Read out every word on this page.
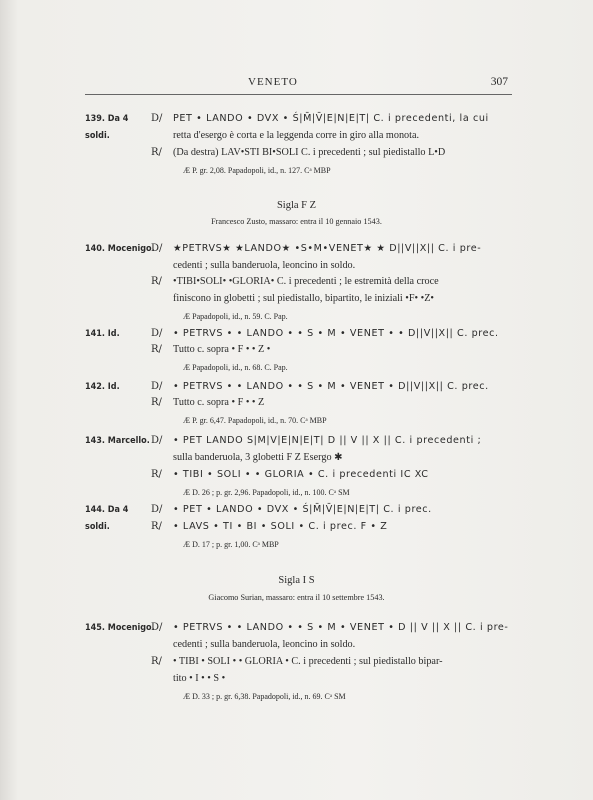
VENETO	307
139. Da 4 soldi.
D/ PET • LANDO • DVX • Ś|M̄|V̄|E|N|E|T| C. i precedenti, la cui
retta d'esergo è corta e la leggenda corre in giro alla monota.
R/ (Da destra) LAV•STI BI•SOLI C. i precedenti ; sul piedistallo L•D
Æ P. gr. 2,08. Papadopoli, id., n. 127. Cᵃ MBP
Sigla F Z
Francesco Zusto, massaro: entra il 10 gennaio 1543.
140. Mocenigo.
D/ ★PETRVS★ ★LANDO★ •S•M•VENET★ ★ D||V||X|| C. i pre-
cedenti ; sulla banderuola, leoncino in soldo.
R/ •TIBI•SOLI• •GLORIA• C. i precedenti ; le estremità della croce
finiscono in globetti ; sul piedistallo, bipartito, le iniziali •F• •Z•
Æ Papadopoli, id., n. 59. C. Pap.
141. Id.	D/ • PETRVS • • LANDO • • S • M • VENET • • D||V||X|| C. prec.
R/ Tutto c. sopra • F • • Z •
Æ Papadopoli, id., n. 68. C. Pap.
142. Id.	D/ • PETRVS • • LANDO • • S • M • VENET • D||V||X|| C. prec.
R/ Tutto c. sopra • F • • Z
Æ P. gr. 6,47. Papadopoli, id., n. 70. Cᵃ MBP
143. Marcello. D/ • PET LANDO S|M|V|E|N|E|T| D || V || X || C. i precedenti ;
sulla banderuola, 3 globetti F Z Esergo ✱
R/ • TIBI • SOLI • • GLORIA • C. i precedenti IC XC
Æ D. 26 ; p. gr. 2,96. Papadopoli, id., n. 100. Cᵃ SM
144. Da 4 soldi.
D/ • PET • LANDO • DVX • Ś|M̄|V̄|E|N|E|T| C. i prec.
R/ • LAVS • TI • BI • SOLI • C. i prec. F • Z
Æ D. 17 ; p. gr. 1,00. Cᵃ MBP
Sigla I S
Giacomo Surian, massaro: entra il 10 settembre 1543.
145. Mocenigo.
D/ • PETRVS • • LANDO • • S • M • VENET • D || V || X || C. i pre-
cedenti ; sulla banderuola, leoncino in soldo.
R/ • TIBI • SOLI • • GLORIA • C. i precedenti ; sul piedistallo bipar-
tito • I • • S •
Æ D. 33 ; p. gr. 6,38. Papadopoli, id., n. 69. Cᵃ SM
